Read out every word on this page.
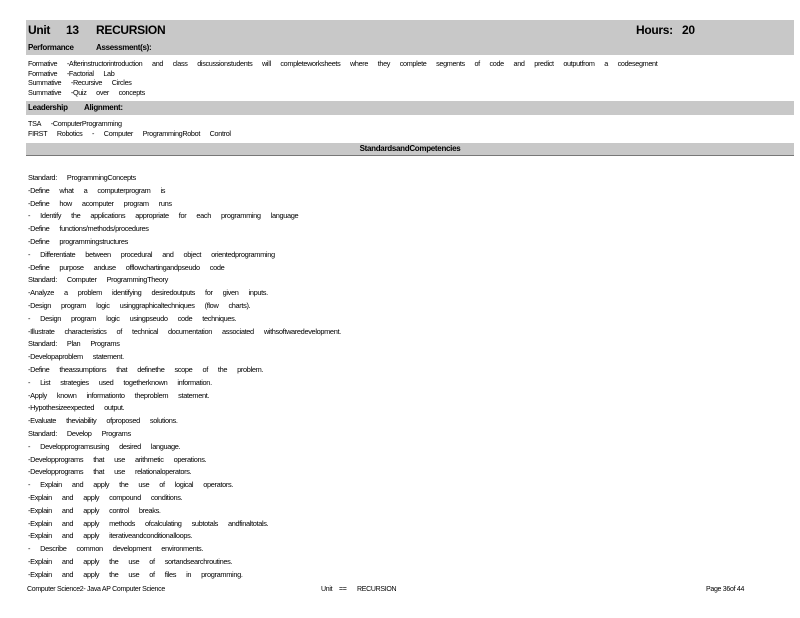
Unit 13 RECURSION	Hours: 20
Performance	Assessment(s):
Formative -Afterinstructorintroduction and class discussionstudents will completeworksheets where they complete segments of code and predict outputfrom a codesegment
Formative -Factorial Lab
Summative -Recursive Circles
Summative -Quiz over concepts
Leadership Alignment:
TSA -ComputerProgramming
FIRST Robotics - Computer ProgrammingRobot Control
StandardsandCompetencies
Standard: ProgrammingConcepts
-Define what a computerprogram is
-Define how acomputer program runs
- Identify the applications appropriate for each programming language
-Define functions/methods/procedures
-Define programmingstructures
- Differentiate between procedural and object orientedprogramming
-Define purpose anduse offlowchartingandpseudo code
Standard: Computer ProgrammingTheory
-Analyze a problem identifying desiredoutputs for given inputs.
-Design program logic usinggraphicaltechniques (flow charts).
- Design program logic usingpseudo code techniques.
-Illustrate characteristics of technical documentation associated withsoftwaredevelopment.
Standard: Plan Programs
-Developaproblem statement.
-Define theassumptions that definethe scope of the problem.
- List strategies used togetherknown information.
-Apply known informationto theproblem statement.
-Hypothesizeexpected output.
-Evaluate theviability ofproposed solutions.
Standard: Develop Programs
- Developprogramsusing desired language.
-Developprograms that use arithmetic operations.
-Developprograms that use relationaloperators.
- Explain and apply the use of logical operators.
-Explain and apply compound conditions.
-Explain and apply control breaks.
-Explain and apply methods ofcalculating subtotals andfinaltotals.
-Explain and apply iterativeandconditionalloops.
- Describe common development environments.
-Explain and apply the use of sortandsearchroutines.
-Explain and apply the use of files in programming.
Computer Science2- Java AP Computer Science	Unit == RECURSION	Page 36of 44
